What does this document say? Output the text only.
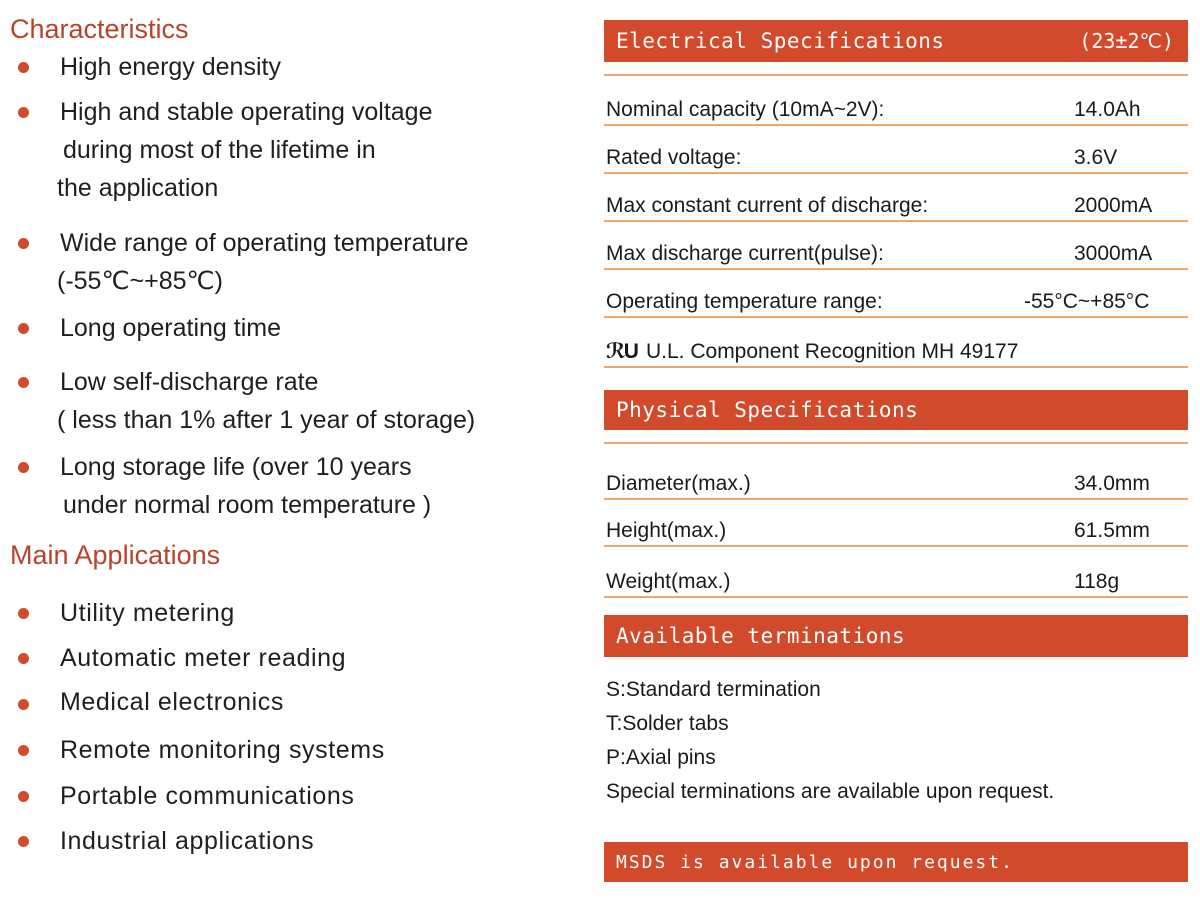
Characteristics
High energy density
High and stable operating voltage
during most of the lifetime in
the application
Wide range of operating temperature
(-55℃~+85℃)
Long operating time
Low self-discharge rate
( less than 1% after 1 year of storage)
Long storage life (over 10 years
under normal room temperature )
Main Applications
Utility metering
Automatic meter reading
Medical electronics
Remote monitoring systems
Portable communications
Industrial applications
Electrical Specifications	(23±2℃)
Nominal capacity (10mA~2V):	14.0Ah
Rated voltage:	3.6V
Max constant current of discharge:	2000mA
Max discharge current(pulse):	3000mA
Operating temperature range:	-55°C~+85°C
ℛU U.L. Component Recognition MH 49177
Physical Specifications
Diameter(max.)	34.0mm
Height(max.)	61.5mm
Weight(max.)	118g
Available terminations
S:Standard termination
T:Solder tabs
P:Axial pins
Special terminations are available upon request.
MSDS is available upon request.
